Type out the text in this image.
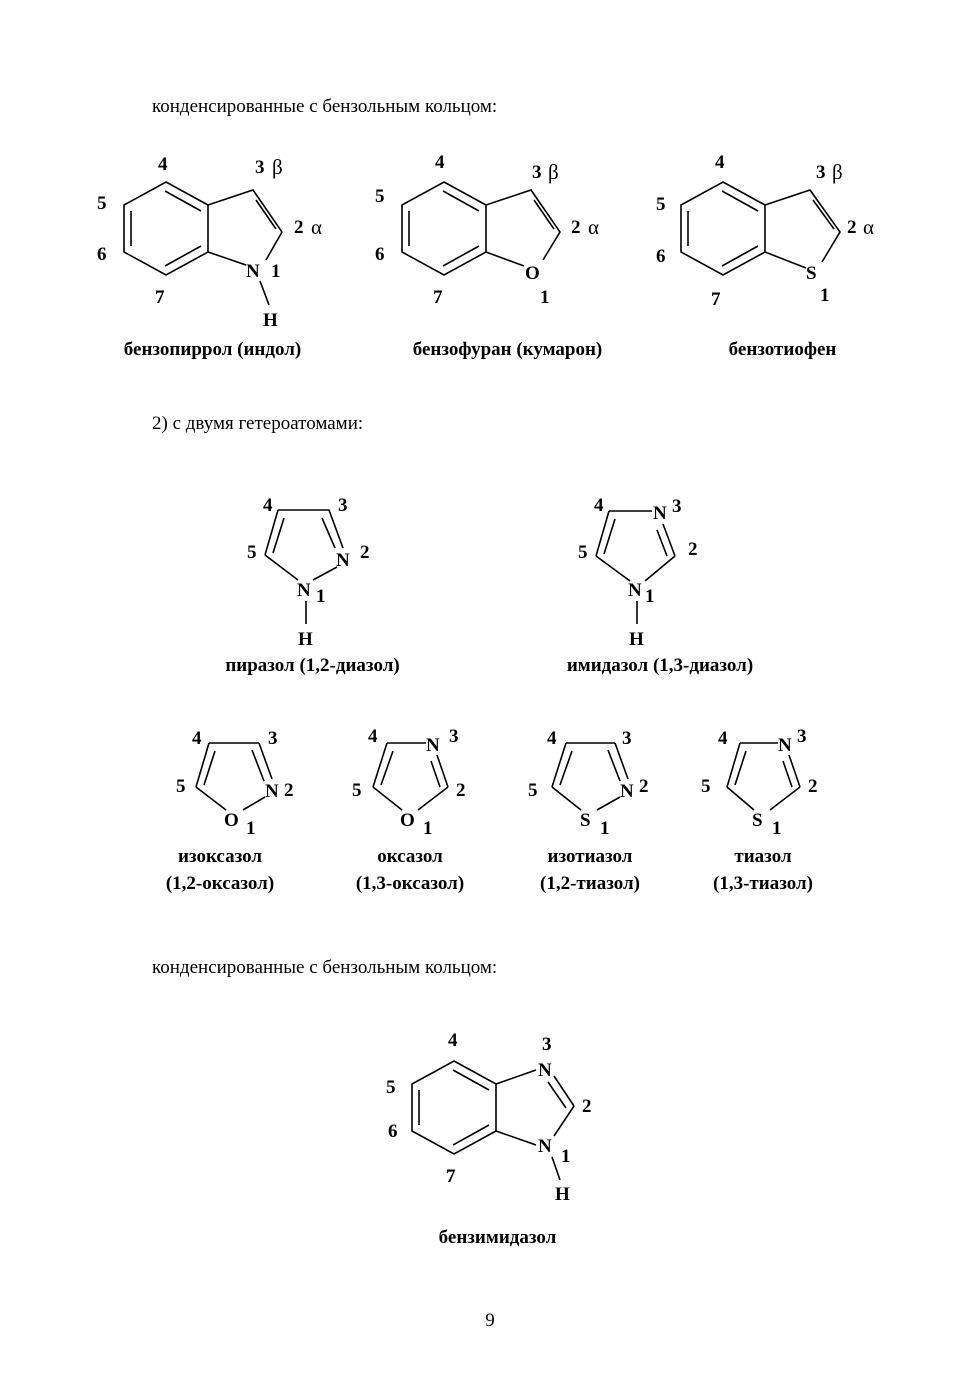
конденсированные с бензольным кольцом:
2) с двумя гетероатомами:
конденсированные с бензольным кольцом:
бензопиррол (индол)	бензофуран (кумарон)	бензотиофен
пиразол (1,2-диазол)	имидазол (1,3-диазол)
изоксазол
(1,2-оксазол)
оксазол
(1,3-оксазол)
изотиазол
(1,2-тиазол)
тиазол
(1,3-тиазол)
бензимидазол
N
H
1
2 α
3 β
4
5
6
7
O
1
2 α
3 β
4
5
6
7
S
1
2 α
3 β
4
5
6
7
N
N
H
1
2
3
4
5
N
N
H
1
2
3
4
5
O
N
1
2
3
4
5
N
O 1
2
3
4
5
S
N
1
2
3
4
5
N
S 1
2
3
4
5
N
N
H
1
2
3
4
5
6
7
9
